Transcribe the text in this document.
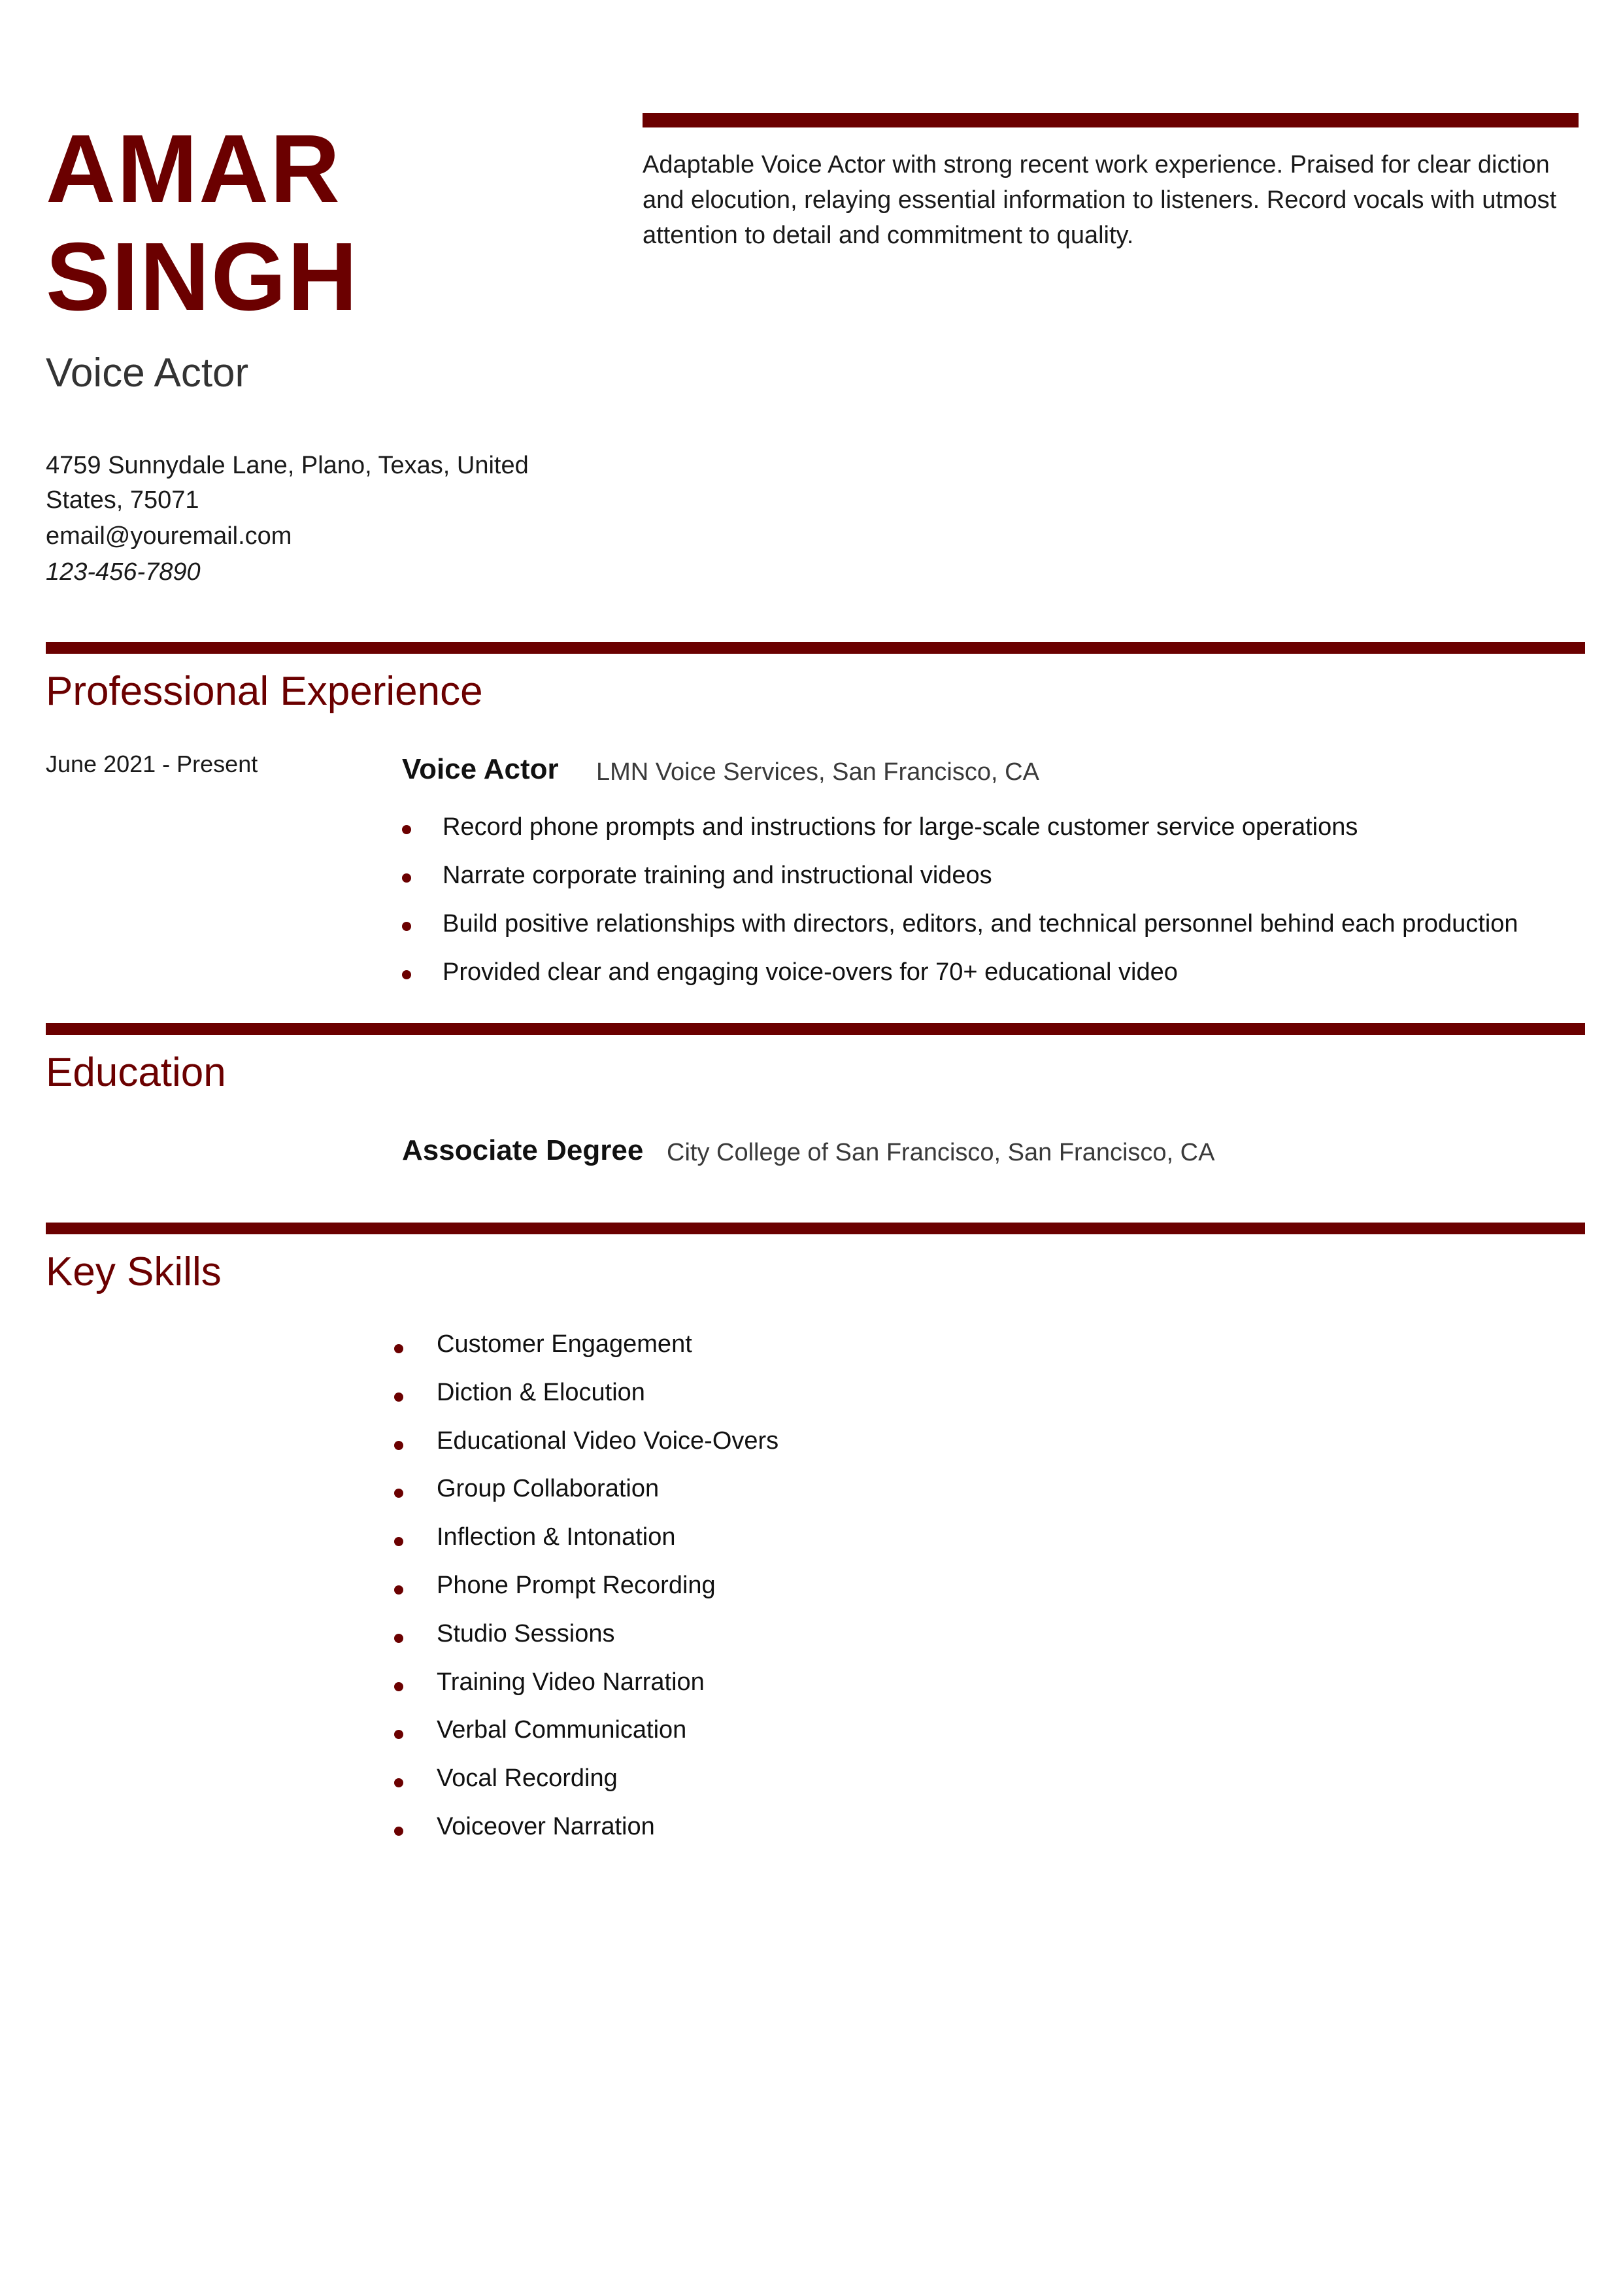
AMAR
SINGH
Voice Actor
4759 Sunnydale Lane, Plano, Texas, United
States, 75071
email@youremail.com
123-456-7890
Adaptable Voice Actor with strong recent work experience. Praised for clear diction and elocution, relaying essential information to listeners. Record vocals with utmost attention to detail and commitment to quality.
Professional Experience
June 2021 - Present	Voice Actor LMN Voice Services, San Francisco, CA
Record phone prompts and instructions for large-scale customer service operations
Narrate corporate training and instructional videos
Build positive relationships with directors, editors, and technical personnel behind each production
Provided clear and engaging voice-overs for 70+ educational video
Education
Associate Degree City College of San Francisco, San Francisco, CA
Key Skills
Customer Engagement
Diction & Elocution
Educational Video Voice-Overs
Group Collaboration
Inflection & Intonation
Phone Prompt Recording
Studio Sessions
Training Video Narration
Verbal Communication
Vocal Recording
Voiceover Narration
